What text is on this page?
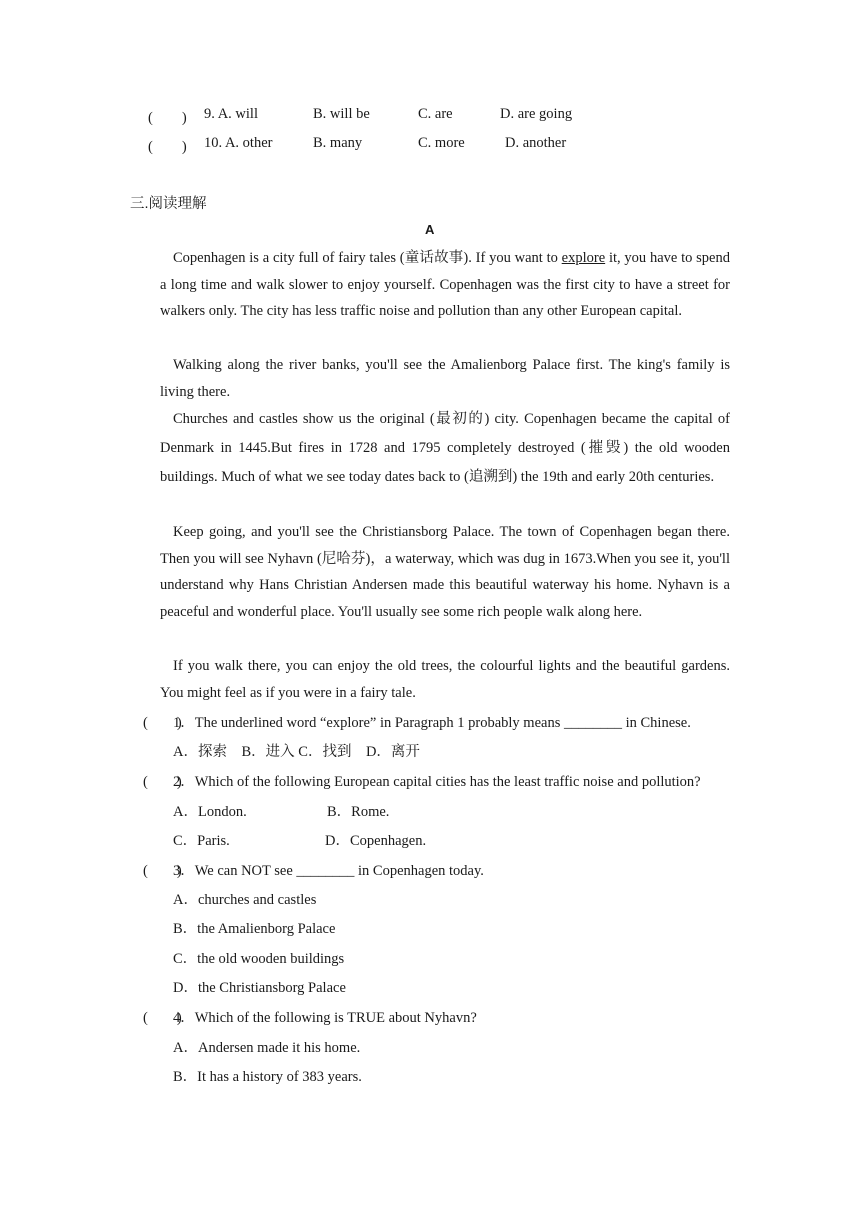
(　　) 9. A. will	B. will be	C. are	D. are going
(　　) 10. A. other	B. many	C. more	D. another
三.阅读理解
A

Copenhagen is a city full of fairy tales (童话故事). If you want to explore it, you have to spend a long time and walk slower to enjoy yourself. Copenhagen was the first city to have a street for walkers only. The city has less traffic noise and pollution than any other European capital.

Walking along the river banks, you'll see the Amalienborg Palace first. The king's family is living there.

Churches and castles show us the original (最初的) city. Copenhagen became the capital of Denmark in 1445.But fires in 1728 and 1795 completely destroyed (摧毁) the old wooden buildings. Much of what we see today dates back to (追溯到) the 19th and early 20th centuries.

Keep going, and you'll see the Christiansborg Palace. The town of Copenhagen began there. Then you will see Nyhavn (尼哈芬)，a waterway, which was dug in 1673.When you see it, you'll understand why Hans Christian Andersen made this beautiful waterway his home. Nyhavn is a peaceful and wonderful place. You'll usually see some rich people walk along here.

If you walk there, you can enjoy the old trees, the colourful lights and the beautiful gardens. You might feel as if you were in a fairy tale.

(　　)
1．The underlined word “explore” in Paragraph 1 probably means ________ in Chinese.
A．探索　B．进入 C．找到　D．离开
(　　)
2．Which of the following European capital cities has the least traffic noise and pollution?
A．London.	B．Rome.
C．Paris.	D．Copenhagen.
(　　)
3．We can NOT see ________ in Copenhagen today.
A．churches and castles
B．the Amalienborg Palace
C．the old wooden buildings
D．the Christiansborg Palace
(　　)
4．Which of the following is TRUE about Nyhavn?
A．Andersen made it his home.
B．It has a history of 383 years.
